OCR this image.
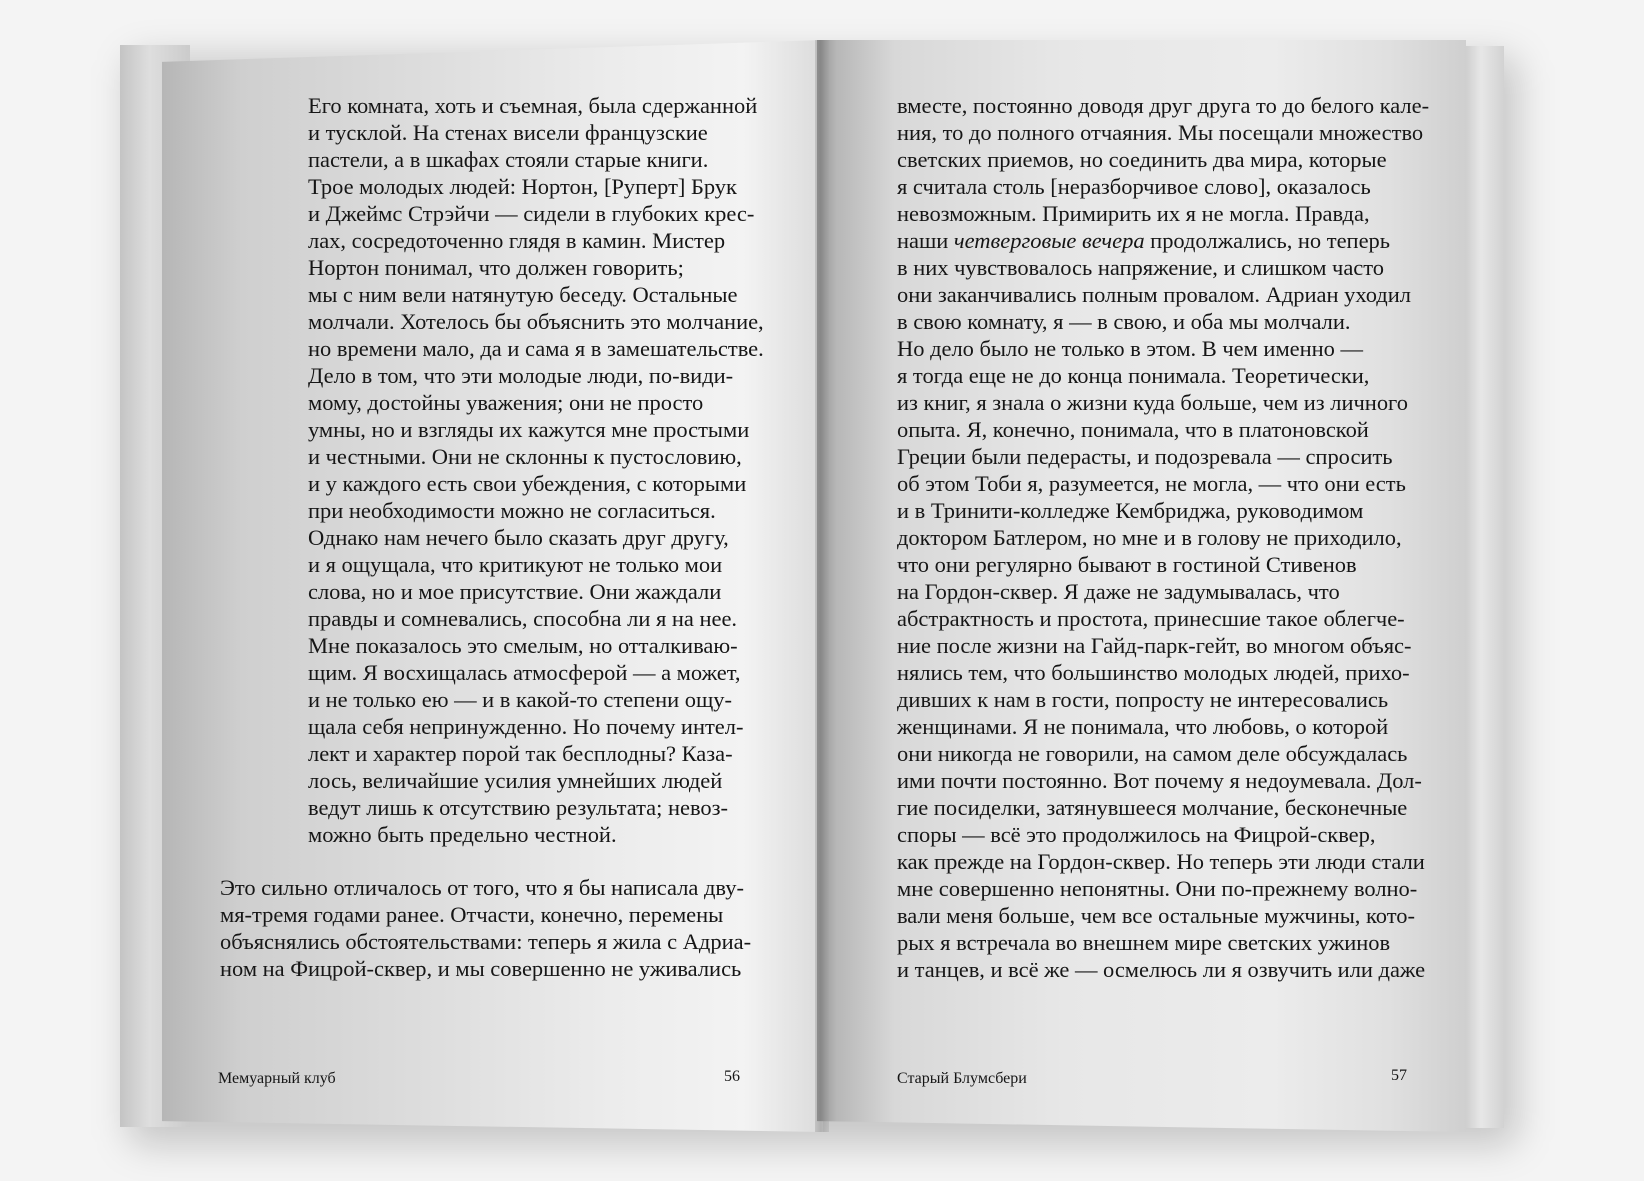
Его комната, хоть и съемная, была сдержанной
и тусклой. На стенах висели французские
пастели, а в шкафах стояли старые книги.
Трое молодых людей: Нортон, [Руперт] Брук
и Джеймс Стрэйчи — сидели в глубоких крес-
лах, сосредоточенно глядя в камин. Мистер
Нортон понимал, что должен говорить;
мы с ним вели натянутую беседу. Остальные
молчали. Хотелось бы объяснить это молчание,
но времени мало, да и сама я в замешательстве.
Дело в том, что эти молодые люди, по-види-
мому, достойны уважения; они не просто
умны, но и взгляды их кажутся мне простыми
и честными. Они не склонны к пустословию,
и у каждого есть свои убеждения, с которыми
при необходимости можно не согласиться.
Однако нам нечего было сказать друг другу,
и я ощущала, что критикуют не только мои
слова, но и мое присутствие. Они жаждали
правды и сомневались, способна ли я на нее.
Мне показалось это смелым, но отталкиваю-
щим. Я восхищалась атмосферой — а может,
и не только ею — и в какой-то степени ощу-
щала себя непринужденно. Но почему интел-
лект и характер порой так бесплодны? Каза-
лось, величайшие усилия умнейших людей
ведут лишь к отсутствию результата; невоз-
можно быть предельно честной.
Это сильно отличалось от того, что я бы написала дву-
мя-тремя годами ранее. Отчасти, конечно, перемены
объяснялись обстоятельствами: теперь я жила с Адриа-
ном на Фицрой-сквер, и мы совершенно не уживались
Мемуарный клуб	56
вместе, постоянно доводя друг друга то до белого кале-
ния, то до полного отчаяния. Мы посещали множество
светских приемов, но соединить два мира, которые
я считала столь [неразборчивое слово], оказалось
невозможным. Примирить их я не могла. Правда,
наши четверговые вечера продолжались, но теперь
в них чувствовалось напряжение, и слишком часто
они заканчивались полным провалом. Адриан уходил
в свою комнату, я — в свою, и оба мы молчали.
Но дело было не только в этом. В чем именно —
я тогда еще не до конца понимала. Теоретически,
из книг, я знала о жизни куда больше, чем из личного
опыта. Я, конечно, понимала, что в платоновской
Греции были педерасты, и подозревала — спросить
об этом Тоби я, разумеется, не могла, — что они есть
и в Тринити-колледже Кембриджа, руководимом
доктором Батлером, но мне и в голову не приходило,
что они регулярно бывают в гостиной Стивенов
на Гордон-сквер. Я даже не задумывалась, что
абстрактность и простота, принесшие такое облегче-
ние после жизни на Гайд-парк-гейт, во многом объяс-
нялись тем, что большинство молодых людей, прихо-
дивших к нам в гости, попросту не интересовались
женщинами. Я не понимала, что любовь, о которой
они никогда не говорили, на самом деле обсуждалась
ими почти постоянно. Вот почему я недоумевала. Дол-
гие посиделки, затянувшееся молчание, бесконечные
споры — всё это продолжилось на Фицрой-сквер,
как прежде на Гордон-сквер. Но теперь эти люди стали
мне совершенно непонятны. Они по-прежнему волно-
вали меня больше, чем все остальные мужчины, кото-
рых я встречала во внешнем мире светских ужинов
и танцев, и всё же — осмелюсь ли я озвучить или даже
Старый Блумсбери	57
